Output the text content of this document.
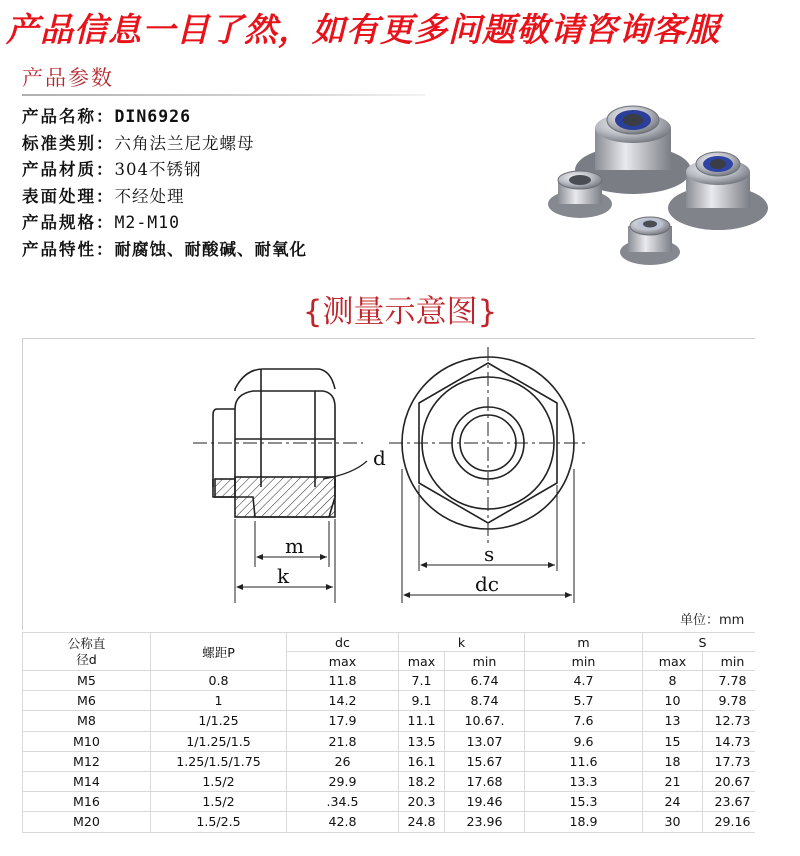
产品信息一目了然，如有更多问题敬请咨询客服
产品参数
产品名称：DIN6926
标准类别：六角法兰尼龙螺母
产品材质：304不锈钢
表面处理：不经处理
产品规格：M2-M10
产品特性：耐腐蚀、耐酸碱、耐氧化
{测量示意图}
d
m
k
s
dc
单位：mm
公称直
径d	螺距P	dc	k		m	S	
		max	max	min	min	max	min
M5	0.8	11.8	7.1	6.74	4.7	8	7.78
M6	1	14.2	9.1	8.74	5.7	10	9.78
M8	1/1.25	17.9	11.1	10.67.	7.6	13	12.73
M10	1/1.25/1.5	21.8	13.5	13.07	9.6	15	14.73
M12	1.25/1.5/1.75	26	16.1	15.67	11.6	18	17.73
M14	1.5/2	29.9	18.2	17.68	13.3	21	20.67
M16	1.5/2	.34.5	20.3	19.46	15.3	24	23.67
M20	1.5/2.5	42.8	24.8	23.96	18.9	30	29.16
